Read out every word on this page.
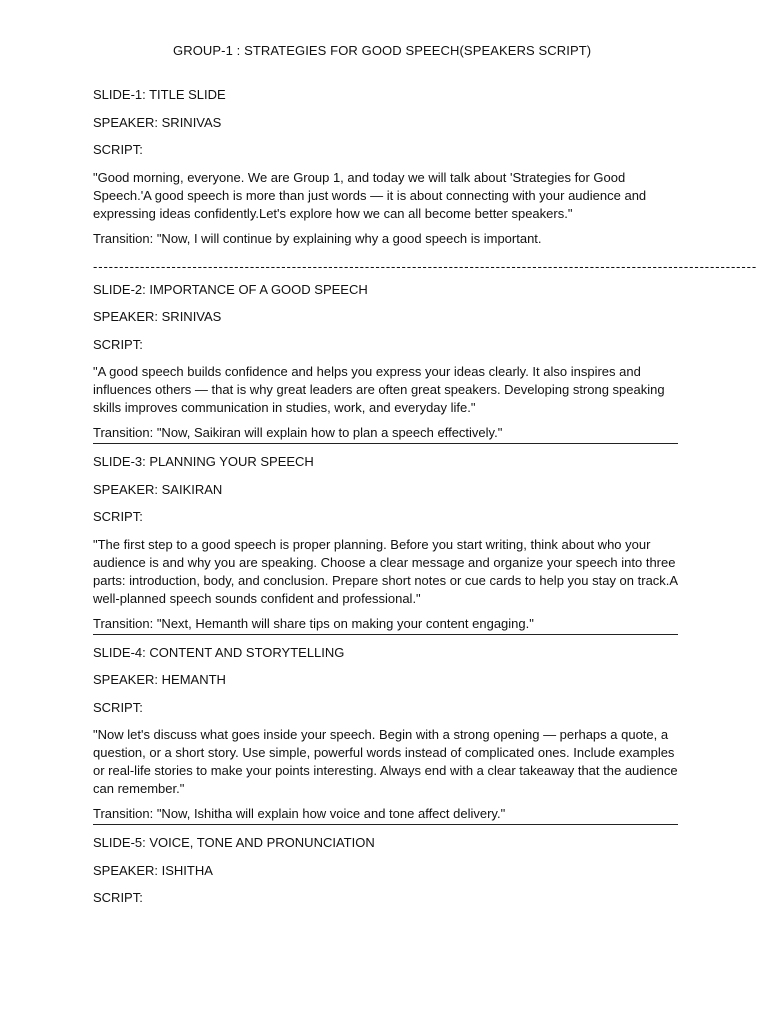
GROUP-1 : STRATEGIES FOR GOOD SPEECH(SPEAKERS SCRIPT)

SLIDE-1: TITLE SLIDE

SPEAKER: SRINIVAS

SCRIPT:

"Good morning, everyone. We are Group 1, and today we will talk about 'Strategies for Good Speech.'A good speech is more than just words — it is about connecting with your audience and expressing ideas confidently.Let's explore how we can all become better speakers."

Transition: "Now, I will continue by explaining why a good speech is important.

-------------------------------------------------------------------------------------------------------------------------------

SLIDE-2: IMPORTANCE OF A GOOD SPEECH

SPEAKER: SRINIVAS

SCRIPT:

"A good speech builds confidence and helps you express your ideas clearly. It also inspires and influences others — that is why great leaders are often great speakers. Developing strong speaking skills improves communication in studies, work, and everyday life."

Transition: "Now, Saikiran will explain how to plan a speech effectively."

SLIDE-3: PLANNING YOUR SPEECH

SPEAKER: SAIKIRAN

SCRIPT:

"The first step to a good speech is proper planning. Before you start writing, think about who your audience is and why you are speaking. Choose a clear message and organize your speech into three parts: introduction, body, and conclusion. Prepare short notes or cue cards to help you stay on track.A well-planned speech sounds confident and professional."

Transition: "Next, Hemanth will share tips on making your content engaging."

SLIDE-4: CONTENT AND STORYTELLING

SPEAKER: HEMANTH

SCRIPT:

"Now let's discuss what goes inside your speech. Begin with a strong opening — perhaps a quote, a question, or a short story. Use simple, powerful words instead of complicated ones. Include examples or real-life stories to make your points interesting. Always end with a clear takeaway that the audience can remember."

Transition: "Now, Ishitha will explain how voice and tone affect delivery."

SLIDE-5: VOICE, TONE AND PRONUNCIATION

SPEAKER: ISHITHA

SCRIPT:
